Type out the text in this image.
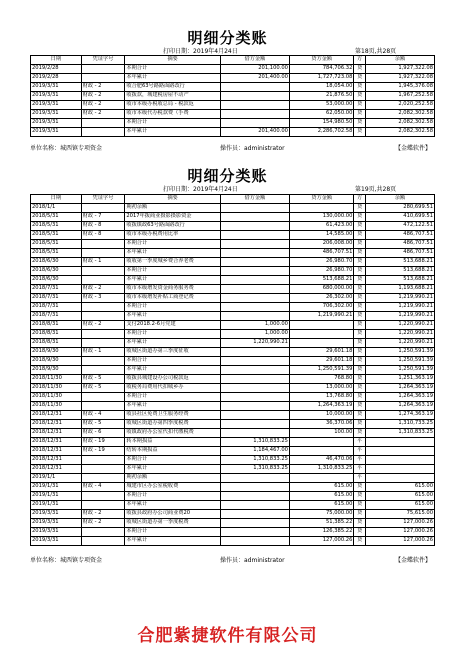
明细分类账
打印日期：2019年4月24日	第18页,共28页
日期	凭证字号	摘要	借方金额	贷方金额	方	余额
2019/2/28		本期合计	201,100.00	784,706.32	贷	1,927,322.08
2019/2/28		本年累计	201,400.00	1,727,723.08	贷	1,927,322.08
2019/3/31	财政 - 2	收合肥63号路路面路改行		18,054.00	贷	1,945,376.08
2019/3/31	财政 - 2	收拨款，城建税房屋不动产		21,876.50	贷	1,967,252.58
2019/3/31	财政 - 2	收市本级办税收总局 - 税款返		53,000.00	贷	2,020,252.58
2019/3/31	财政 - 2	收市本级代办税款费（手费		62,050.00	贷	2,082,302.58
2019/3/31		本期合计		154,980.50	贷	2,082,302.58
2019/3/31		本年累计	201,400.00	2,286,702.58	贷	2,082,302.58
单位名称：城西镇专项资金	操作员：administrator	【金蝶软件】
明细分类账
打印日期：2019年4月24日	第19页,共28页
日期	凭证字号	摘要	借方金额	贷方金额	方	余额
2018/1/1		期初余额			贷	280,699.51
2018/5/31	财政 - 7	2017年拨商业摄影摄影资金		130,000.00	贷	410,699.51
2018/5/31	财政 - 8	收拨镇政63号路面路改行		61,423.00	贷	472,122.51
2018/5/31	财政 - 8	收市本级办税费用比率		14,585.00	贷	486,707.51
2018/5/31		本期合计		206,008.00	贷	486,707.51
2018/5/31		本年累计		486,707.51	贷	486,707.51
2018/6/30	财政 - 1	收收第一季度城乡费合养老费		26,980.70	贷	513,688.21
2018/6/30		本期合计		26,980.70	贷	513,688.21
2018/6/30		本年累计		513,688.21	贷	513,688.21
2018/7/31	财政 - 2	收市本级增发资金商务服务费		680,000.00	贷	1,193,688.21
2018/7/31	财政 - 3	收市本级增发补贴工商登记费		26,302.00	贷	1,219,990.21
2018/7/31		本期合计		706,302.00	贷	1,219,990.21
2018/7/31		本年累计		1,219,990.21	贷	1,219,990.21
2018/8/31	财政 - 2	支付2018.2-6月党建	1,000.00		贷	1,220,990.21
2018/8/31		本期合计	1,000.00		贷	1,220,990.21
2018/8/31		本年累计	1,220,990.21		贷	1,220,990.21
2018/9/30	财政 - 1	收城区街道办第三季度征收		29,601.18	贷	1,250,591.39
2018/9/30		本期合计		29,601.18	贷	1,250,591.39
2018/9/30		本年累计		1,250,591.39	贷	1,250,591.39
2018/11/30	财政 - 5	收拨县城建设办公司税款返		768.80	贷	1,251,363.19
2018/11/30	财政 - 5	收税务局费用代扣城乡办		13,000.00	贷	1,264,363.19
2018/11/30		本期合计		13,768.80	贷	1,264,363.19
2018/11/30		本年累计		1,264,363.19	贷	1,264,363.19
2018/12/31	财政 - 4	收县社区免费卫生服务经费		10,000.00	贷	1,274,363.19
2018/12/31	财政 - 5	收城区街道办第四季度税费		36,370.06	贷	1,310,733.25
2018/12/31	财政 - 6	收镇政府办公室代扣代缴税费		100.00	贷	1,310,833.25
2018/12/31	财政 - 19	转本期损益	1,310,833.25		平	
2018/12/31	财政 - 19	结转本期损益	1,184,467.00		平	
2018/12/31		本期合计	1,310,833.25	46,470.06	平	
2018/12/31		本年累计	1,310,833.25	1,310,833.25	平	
2019/1/1		期初余额			平	
2019/1/31	财政 - 4	城建市区办公室税收费		615.00	贷	615.00
2019/1/31		本期合计		615.00	贷	615.00
2019/1/31		本年累计		615.00	贷	615.00
2019/3/31	财政 - 2	收拨县政府办公司商业费20		75,000.00	贷	75,615.00
2019/3/31	财政 - 2	收城区街道办第一季度税费		51,385.22	贷	127,000.26
2019/3/31		本期合计		126,385.22	贷	127,000.26
2019/3/31		本年累计		127,000.26	贷	127,000.26
单位名称：城西镇专项资金	操作员：administrator	【金蝶软件】
合肥紫捷软件有限公司
